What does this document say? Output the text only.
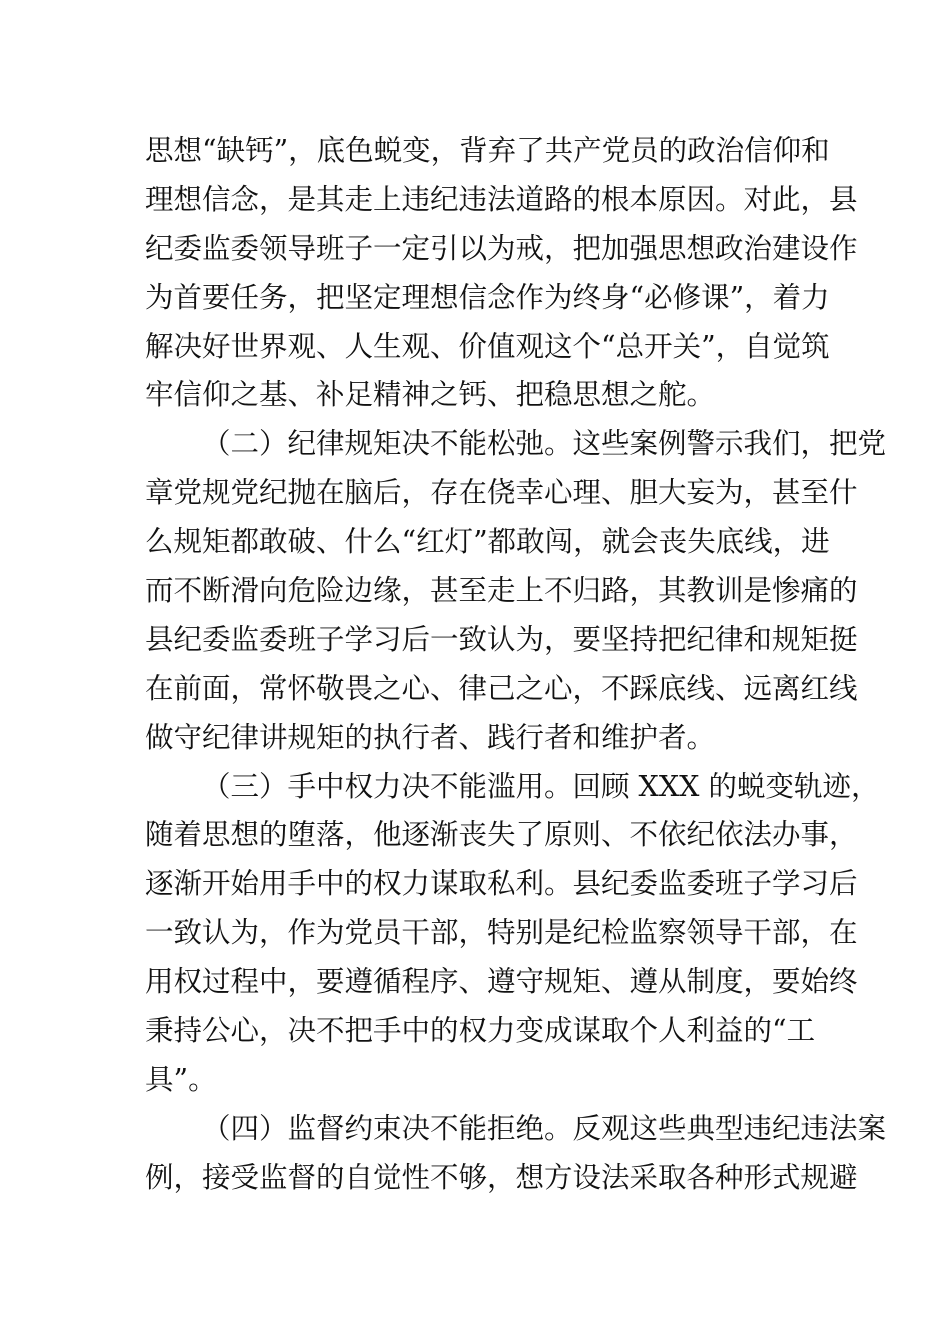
思想“缺钙”，底色蜕变，背弃了共产党员的政治信仰和
理想信念，是其走上违纪违法道路的根本原因。对此，县
纪委监委领导班子一定引以为戒，把加强思想政治建设作
为首要任务，把坚定理想信念作为终身“必修课”，着力
解决好世界观、人生观、价值观这个“总开关”，自觉筑
牢信仰之基、补足精神之钙、把稳思想之舵。
（二）纪律规矩决不能松弛。这些案例警示我们，把党
章党规党纪抛在脑后，存在侥幸心理、胆大妄为，甚至什
么规矩都敢破、什么“红灯”都敢闯，就会丧失底线，进
而不断滑向危险边缘，甚至走上不归路，其教训是惨痛的
县纪委监委班子学习后一致认为，要坚持把纪律和规矩挺
在前面，常怀敬畏之心、律己之心，不踩底线、远离红线
做守纪律讲规矩的执行者、践行者和维护者。
（三）手中权力决不能滥用。回顾 XXX 的蜕变轨迹，
随着思想的堕落，他逐渐丧失了原则、不依纪依法办事，
逐渐开始用手中的权力谋取私利。县纪委监委班子学习后
一致认为，作为党员干部，特别是纪检监察领导干部，在
用权过程中，要遵循程序、遵守规矩、遵从制度，要始终
秉持公心，决不把手中的权力变成谋取个人利益的“工
具”。
（四）监督约束决不能拒绝。反观这些典型违纪违法案
例，接受监督的自觉性不够，想方设法采取各种形式规避
